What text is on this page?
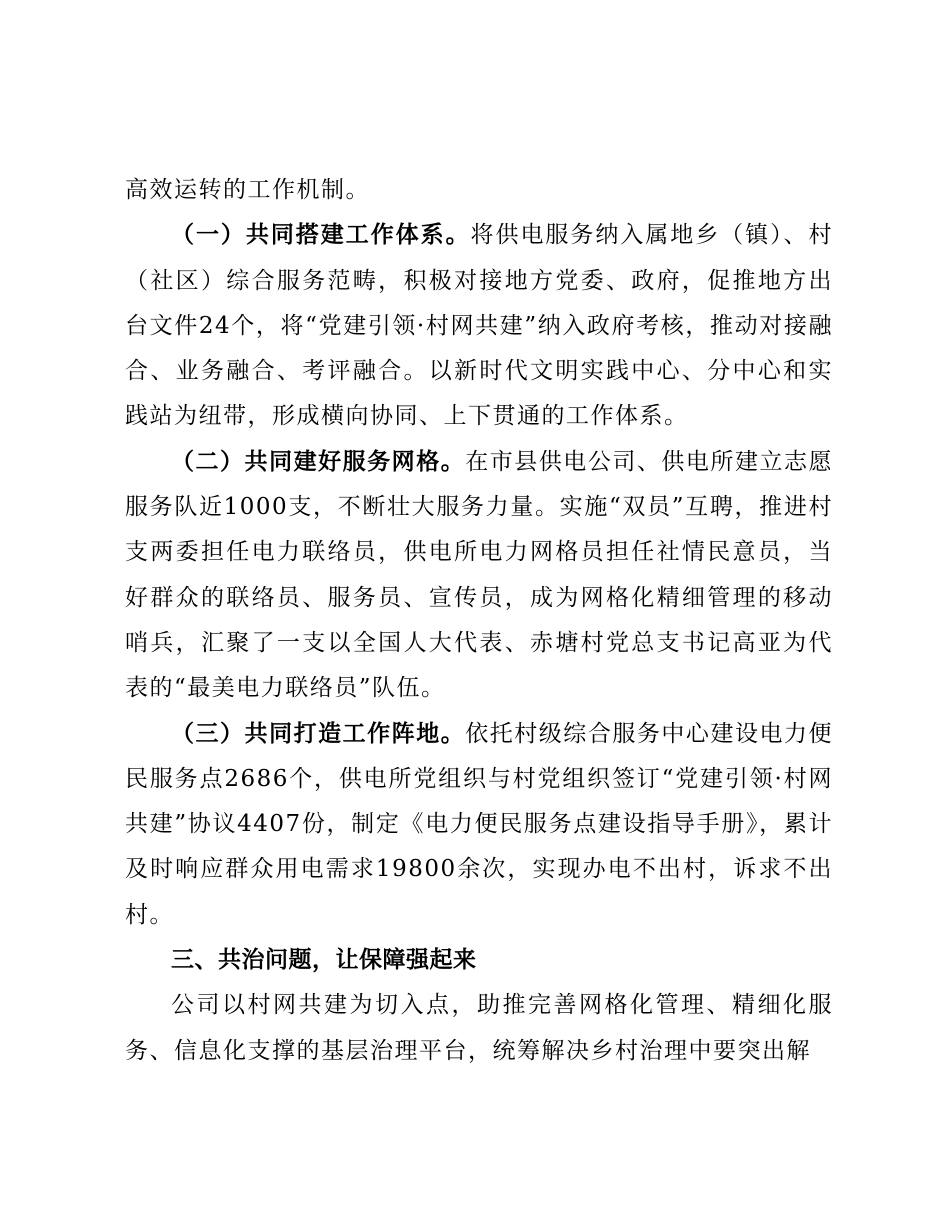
高效运转的工作机制。

（一）共同搭建工作体系。将供电服务纳入属地乡（镇）、村（社区）综合服务范畴，积极对接地方党委、政府，促推地方出台文件24个，将“党建引领·村网共建”纳入政府考核，推动对接融合、业务融合、考评融合。以新时代文明实践中心、分中心和实践站为纽带，形成横向协同、上下贯通的工作体系。

（二）共同建好服务网格。在市县供电公司、供电所建立志愿服务队近1000支，不断壮大服务力量。实施“双员”互聘，推进村支两委担任电力联络员，供电所电力网格员担任社情民意员，当好群众的联络员、服务员、宣传员，成为网格化精细管理的移动哨兵，汇聚了一支以全国人大代表、赤塘村党总支书记高亚为代表的“最美电力联络员”队伍。

（三）共同打造工作阵地。依托村级综合服务中心建设电力便民服务点2686个，供电所党组织与村党组织签订“党建引领·村网共建”协议4407份，制定《电力便民服务点建设指导手册》，累计及时响应群众用电需求19800余次，实现办电不出村，诉求不出村。

三、共治问题，让保障强起来

公司以村网共建为切入点，助推完善网格化管理、精细化服务、信息化支撑的基层治理平台，统筹解决乡村治理中要突出解
